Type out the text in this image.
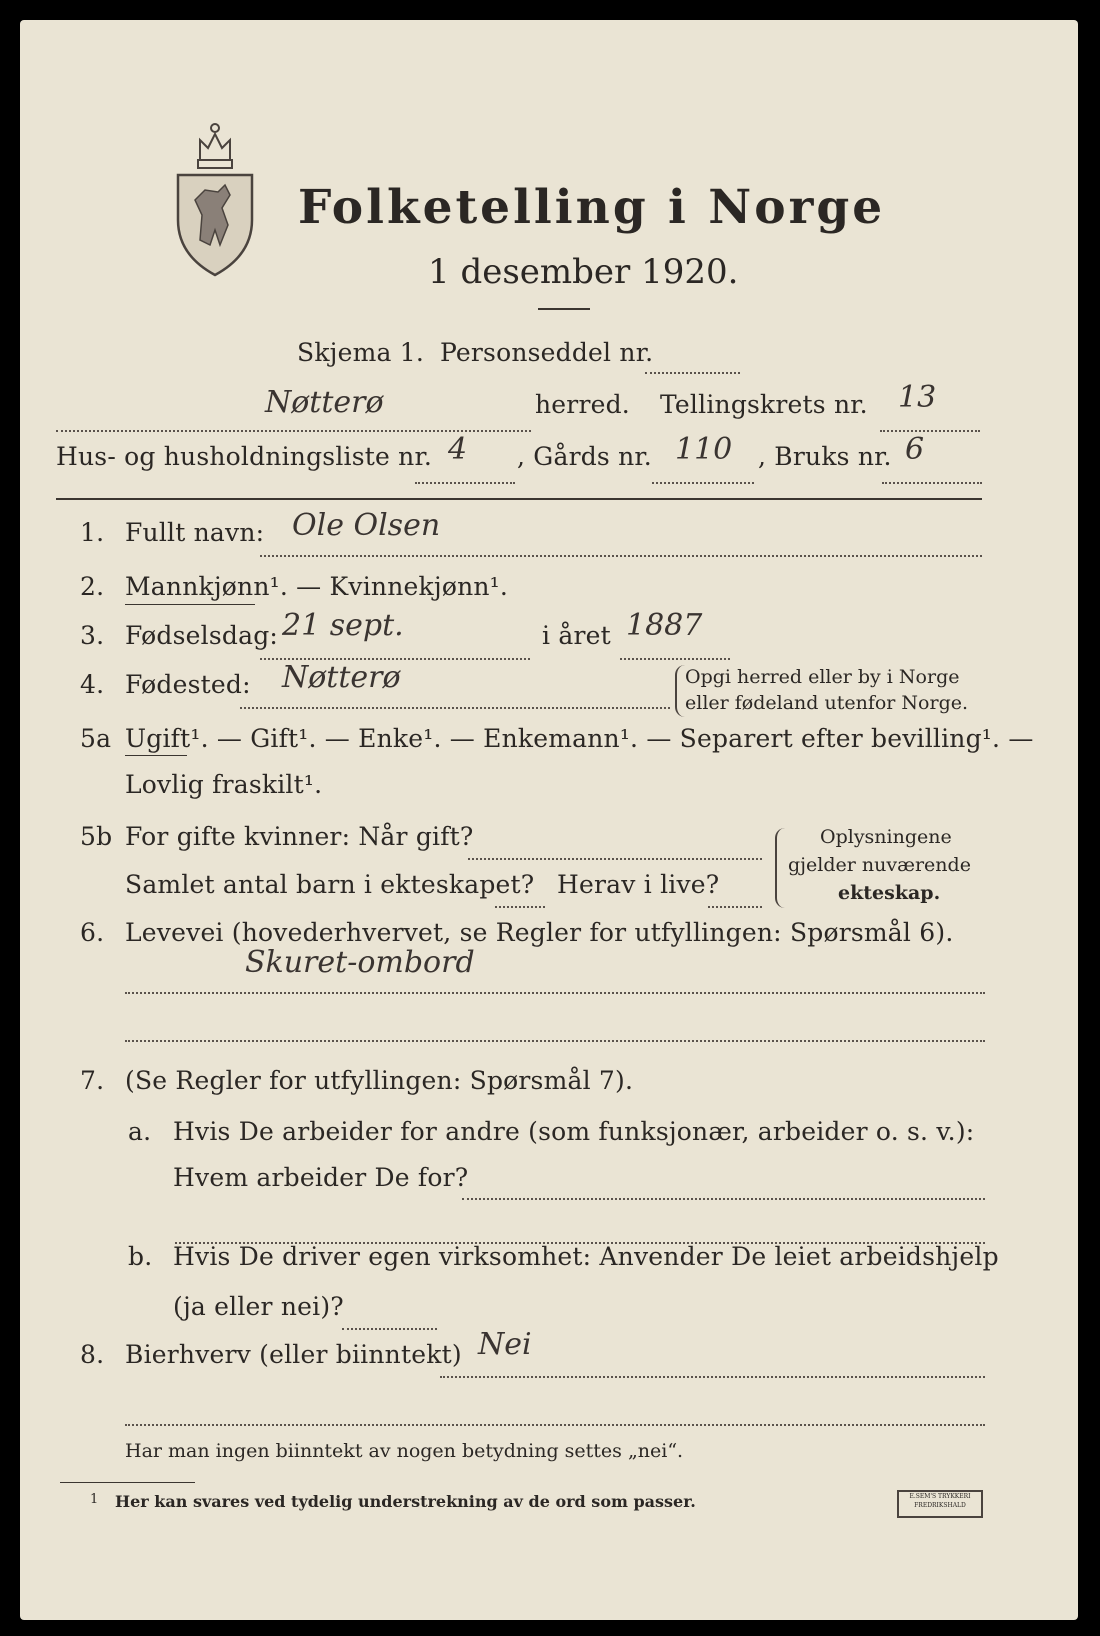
Folketelling i Norge
1 desember 1920.
Skjema 1. Personseddel nr.
Nøtterø	herred. Tellingskrets nr. 13
Hus- og husholdningsliste nr. 4 , Gårds nr. 110 , Bruks nr. 6
1. Fullt navn: Ole Olsen
2. Mannkjønn¹. — Kvinnekjønn¹.
3. Fødselsdag: 21 sept.	i året 1887
4. Fødested: Nøtterø	Opgi herred eller by i Norge
eller fødeland utenfor Norge.
5a Ugift¹. — Gift¹. — Enke¹. — Enkemann¹. — Separert efter bevilling¹. —
Lovlig fraskilt¹.
5b For gifte kvinner: Når gift?
Samlet antal barn i ekteskapet? Herav i live?
Oplysningene
gjelder nuværende
ekteskap.
6. Levevei (hovederhvervet, se Regler for utfyllingen: Spørsmål 6).
Skuret-ombord
7. (Se Regler for utfyllingen: Spørsmål 7).
a. Hvis De arbeider for andre (som funksjonær, arbeider o. s. v.):
Hvem arbeider De for?
b. Hvis De driver egen virksomhet: Anvender De leiet arbeidshjelp
(ja eller nei)?
8. Bierhverv (eller biinntekt) Nei
Har man ingen biinntekt av nogen betydning settes „nei“.
1 Her kan svares ved tydelig understrekning av de ord som passer.	E.SEM'S TRYKKERI FREDRIKSHALD
